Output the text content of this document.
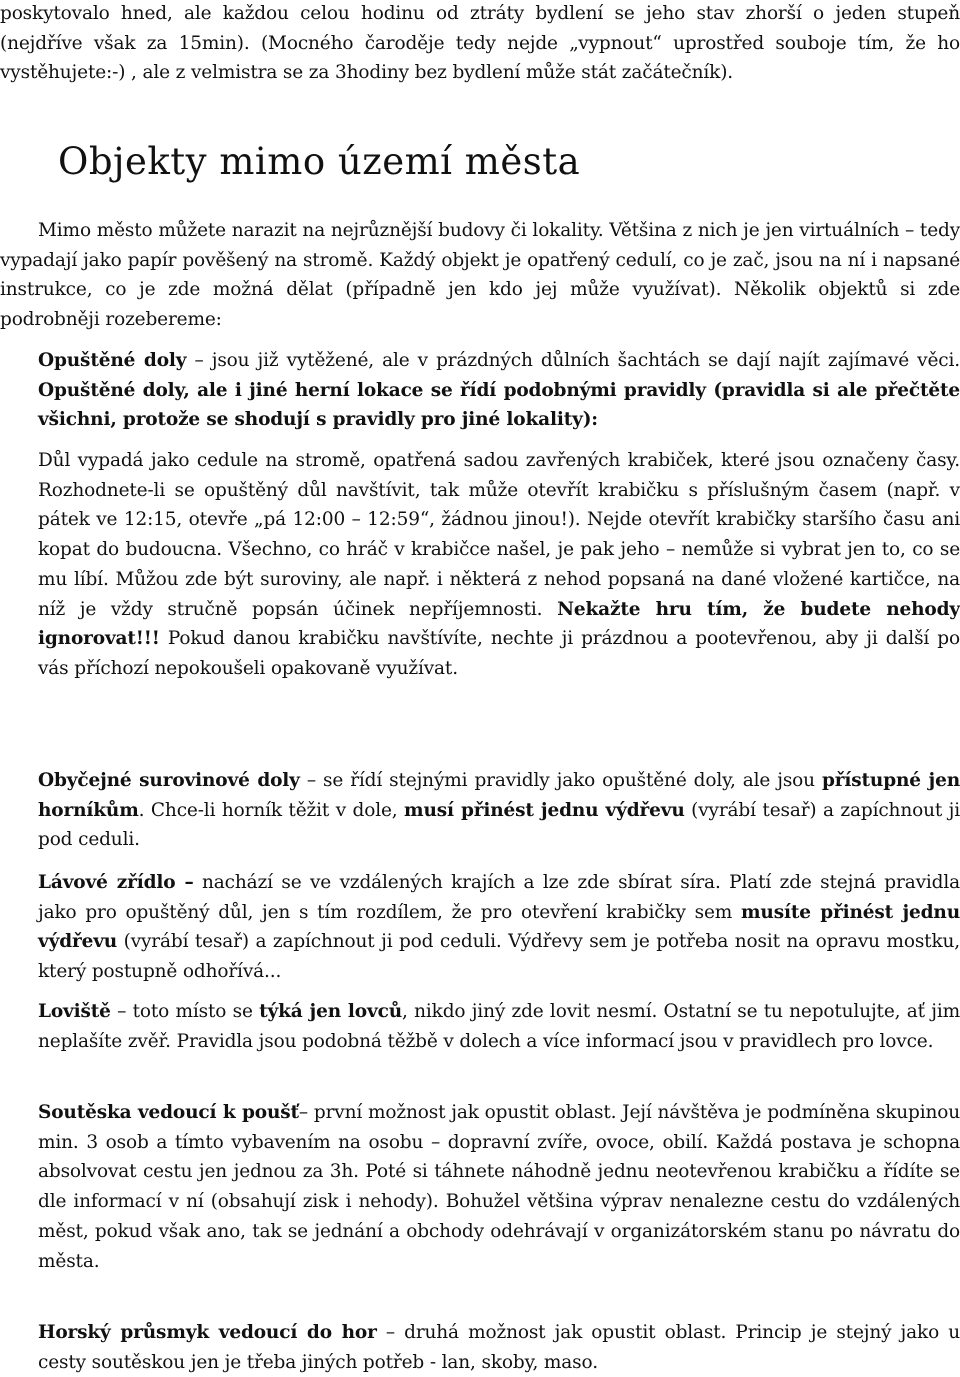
poskytovalo hned, ale každou celou hodinu od ztráty bydlení se jeho stav zhorší o jeden stupeň (nejdříve však za 15min). (Mocného čaroděje tedy nejde „vypnout“ uprostřed souboje tím, že ho vystěhujete:-) , ale z velmistra se za 3hodiny bez bydlení může stát začátečník).

Objekty mimo území města

Mimo město můžete narazit na nejrůznější budovy či lokality. Většina z nich je jen virtuálních – tedy vypadají jako papír pověšený na stromě. Každý objekt je opatřený cedulí, co je zač, jsou na ní i napsané instrukce, co je zde možná dělat (případně jen kdo jej může využívat). Několik objektů si zde podrobněji rozebereme:

Opuštěné doly – jsou již vytěžené, ale v prázdných důlních šachtách se dají najít zajímavé věci. Opuštěné doly, ale i jiné herní lokace se řídí podobnými pravidly (pravidla si ale přečtěte všichni, protože se shodují s pravidly pro jiné lokality):

Důl vypadá jako cedule na stromě, opatřená sadou zavřených krabiček, které jsou označeny časy. Rozhodnete-li se opuštěný důl navštívit, tak může otevřít krabičku s příslušným časem (např. v pátek ve 12:15, otevře „pá 12:00 – 12:59“, žádnou jinou!). Nejde otevřít krabičky staršího času ani kopat do budoucna. Všechno, co hráč v krabičce našel, je pak jeho – nemůže si vybrat jen to, co se mu líbí. Můžou zde být suroviny, ale např. i některá z nehod popsaná na dané vložené kartičce, na níž je vždy stručně popsán účinek nepříjemnosti. Nekažte hru tím, že budete nehody ignorovat!!! Pokud danou krabičku navštívíte, nechte ji prázdnou a pootevřenou, aby ji další po vás příchozí nepokoušeli opakovaně využívat.

Obyčejné surovinové doly – se řídí stejnými pravidly jako opuštěné doly, ale jsou přístupné jen horníkům. Chce-li horník těžit v dole, musí přinést jednu výdřevu (vyrábí tesař) a zapíchnout ji pod ceduli.

Lávové zřídlo – nachází se ve vzdálených krajích a lze zde sbírat síra. Platí zde stejná pravidla jako pro opuštěný důl, jen s tím rozdílem, že pro otevření krabičky sem musíte přinést jednu výdřevu (vyrábí tesař) a zapíchnout ji pod ceduli. Výdřevy sem je potřeba nosit na opravu mostku, který postupně odhořívá...

Loviště – toto místo se týká jen lovců, nikdo jiný zde lovit nesmí. Ostatní se tu nepotulujte, ať jim neplašíte zvěř. Pravidla jsou podobná těžbě v dolech a více informací jsou v pravidlech pro lovce.

Soutěska vedoucí k poušť– první možnost jak opustit oblast. Její návštěva je podmíněna skupinou min. 3 osob a tímto vybavením na osobu – dopravní zvíře, ovoce, obilí. Každá postava je schopna absolvovat cestu jen jednou za 3h. Poté si táhnete náhodně jednu neotevřenou krabičku a řídíte se dle informací v ní (obsahují zisk i nehody). Bohužel většina výprav nenalezne cestu do vzdálených měst, pokud však ano, tak se jednání a obchody odehrávají v organizátorském stanu po návratu do města.

Horský průsmyk vedoucí do hor – druhá možnost jak opustit oblast. Princip je stejný jako u cesty soutěskou jen je třeba jiných potřeb - lan, skoby, maso.
